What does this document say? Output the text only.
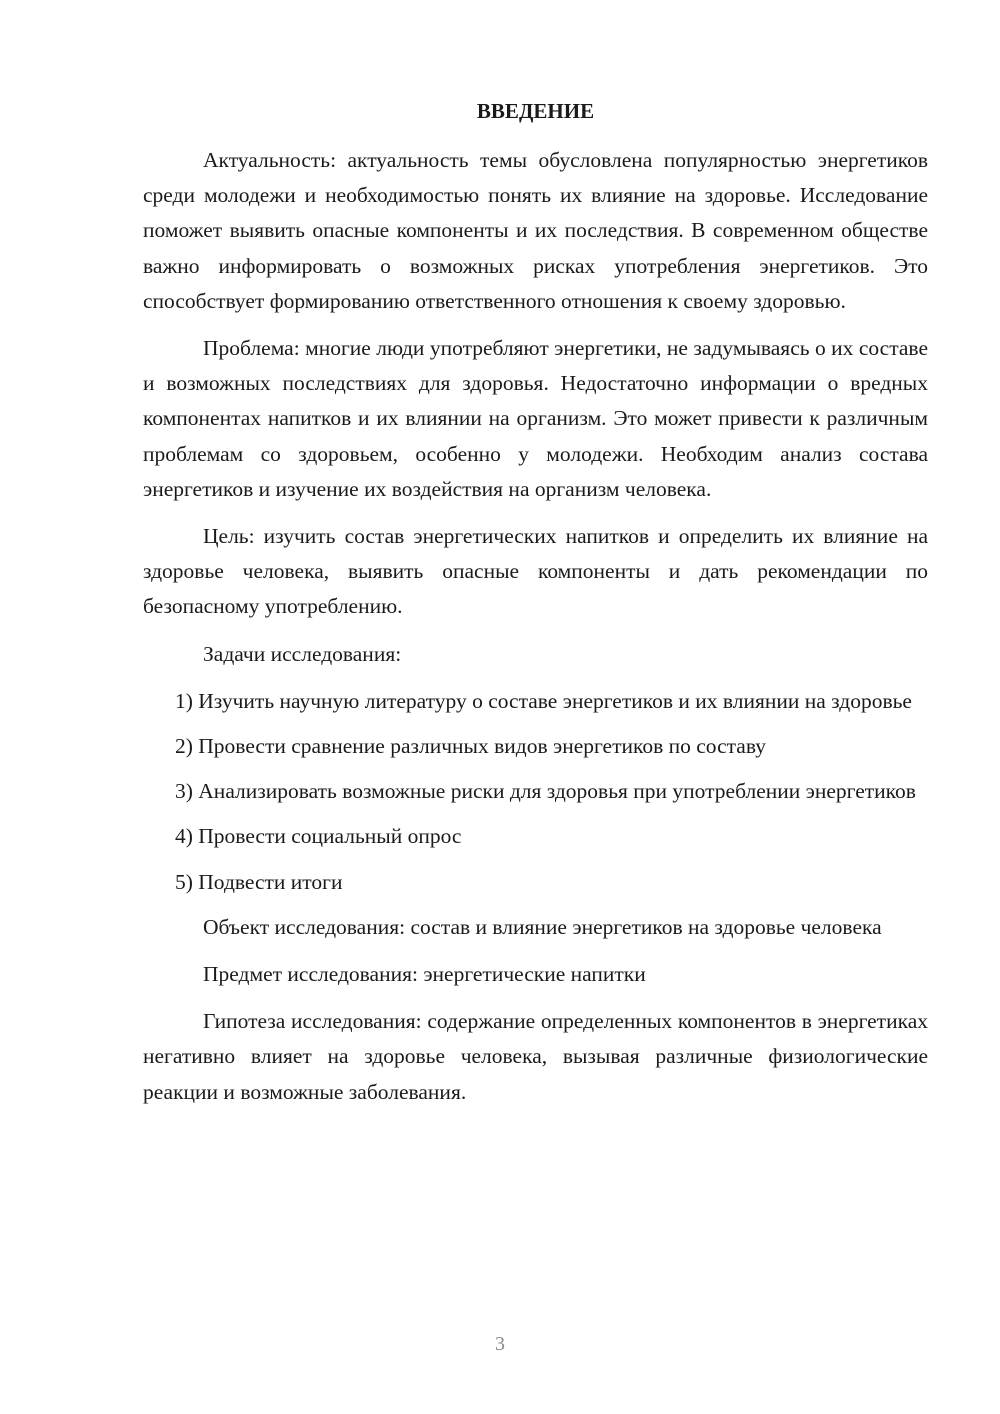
ВВЕДЕНИЕ

Актуальность: актуальность темы обусловлена популярностью энергетиков среди молодежи и необходимостью понять их влияние на здоровье. Исследование поможет выявить опасные компоненты и их последствия. В современном обществе важно информировать о возможных рисках употребления энергетиков. Это способствует формированию ответственного отношения к своему здоровью.

Проблема: многие люди употребляют энергетики, не задумываясь о их составе и возможных последствиях для здоровья. Недостаточно информации о вредных компонентах напитков и их влиянии на организм. Это может привести к различным проблемам со здоровьем, особенно у молодежи. Необходим анализ состава энергетиков и изучение их воздействия на организм человека.

Цель: изучить состав энергетических напитков и определить их влияние на здоровье человека, выявить опасные компоненты и дать рекомендации по безопасному употреблению.

Задачи исследования:

1) Изучить научную литературу о составе энергетиков и их влиянии на здоровье

2) Провести сравнение различных видов энергетиков по составу

3) Анализировать возможные риски для здоровья при употреблении энергетиков

4) Провести социальный опрос

5) Подвести итоги

Объект исследования: состав и влияние энергетиков на здоровье человека

Предмет исследования: энергетические напитки

Гипотеза исследования: содержание определенных компонентов в энергетиках негативно влияет на здоровье человека, вызывая различные физиологические реакции и возможные заболевания.

3
